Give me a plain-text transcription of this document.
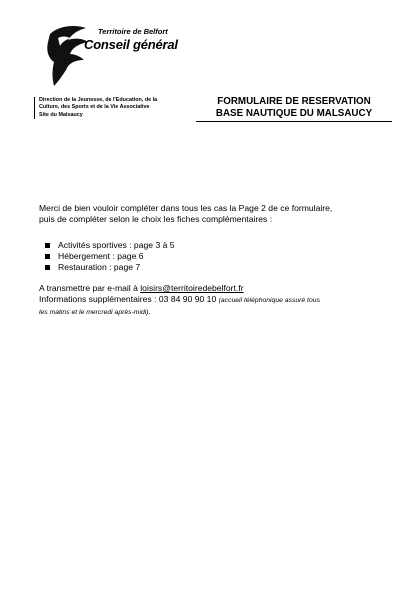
Territoire de Belfort
Conseil général
Direction de la Jeunesse, de l'Education, de la
Culture, des Sports et de la Vie Associative
Site du Malsaucy
FORMULAIRE DE RESERVATION
BASE NAUTIQUE DU MALSAUCY
Merci de bien vouloir compléter dans tous les cas la Page 2 de ce formulaire,
puis de compléter selon le choix les fiches complémentaires :
Activités sportives : page 3 à 5
Hébergement : page 6
Restauration : page 7
A transmettre par e-mail à loisirs@territoiredebelfort.fr
Informations supplémentaires : 03 84 90 90 10 (accueil téléphonique assuré tous
les matins et le mercredi après-midi).
